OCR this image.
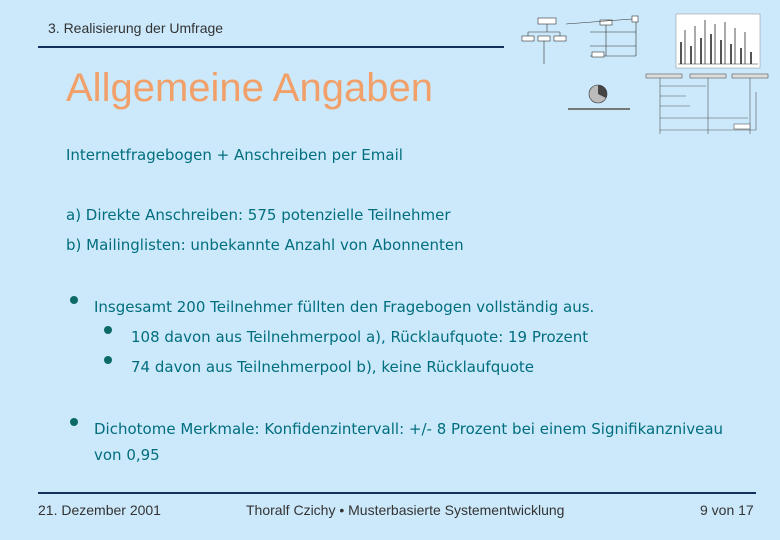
3. Realisierung der Umfrage
Allgemeine Angaben
Internetfragebogen + Anschreiben per Email
a) Direkte Anschreiben: 575 potenzielle Teilnehmer
b) Mailinglisten: unbekannte Anzahl von Abonnenten
Insgesamt 200 Teilnehmer füllten den Fragebogen vollständig aus.
108 davon aus Teilnehmerpool a), Rücklaufquote: 19 Prozent
74 davon aus Teilnehmerpool b), keine Rücklaufquote
Dichotome Merkmale: Konfidenzintervall: +/- 8 Prozent bei einem Signifikanzniveau
von 0,95
21. Dezember 2001	Thoralf Czichy • Musterbasierte Systementwicklung	9 von 17
